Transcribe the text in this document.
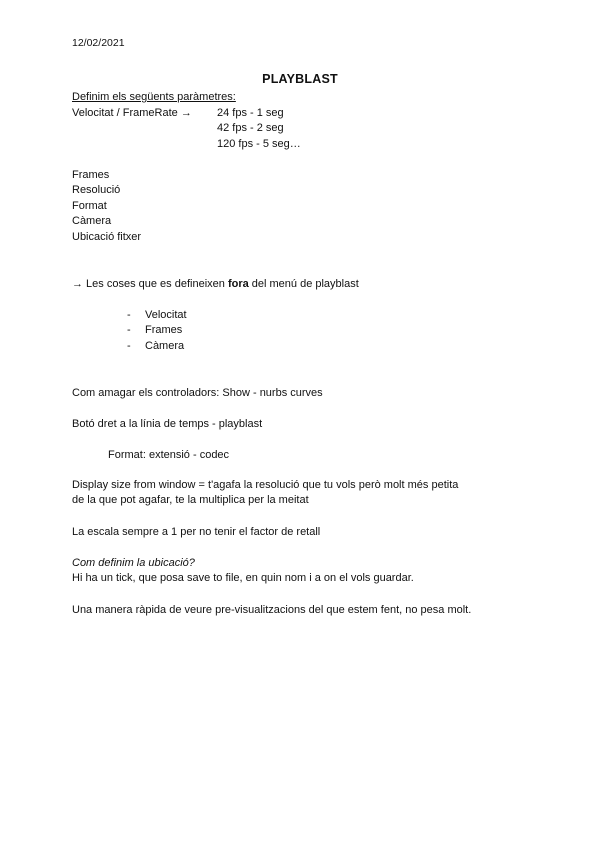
12/02/2021
PLAYBLAST
Definim els següents paràmetres:
Velocitat / FrameRate → 24 fps - 1 seg
42 fps - 2 seg
120 fps - 5 seg…
Frames
Resolució
Format
Càmera
Ubicació fitxer
→ Les coses que es defineixen fora del menú de playblast
- Velocitat
- Frames
- Càmera
Com amagar els controladors: Show - nurbs curves
Botó dret a la línia de temps - playblast
Format: extensió - codec
Display size from window = t'agafa la resolució que tu vols però molt més petita
de la que pot agafar, te la multiplica per la meitat
La escala sempre a 1 per no tenir el factor de retall
Com definim la ubicació?
Hi ha un tick, que posa save to file, en quin nom i a on el vols guardar.
Una manera ràpida de veure pre-visualitzacions del que estem fent, no pesa molt.
